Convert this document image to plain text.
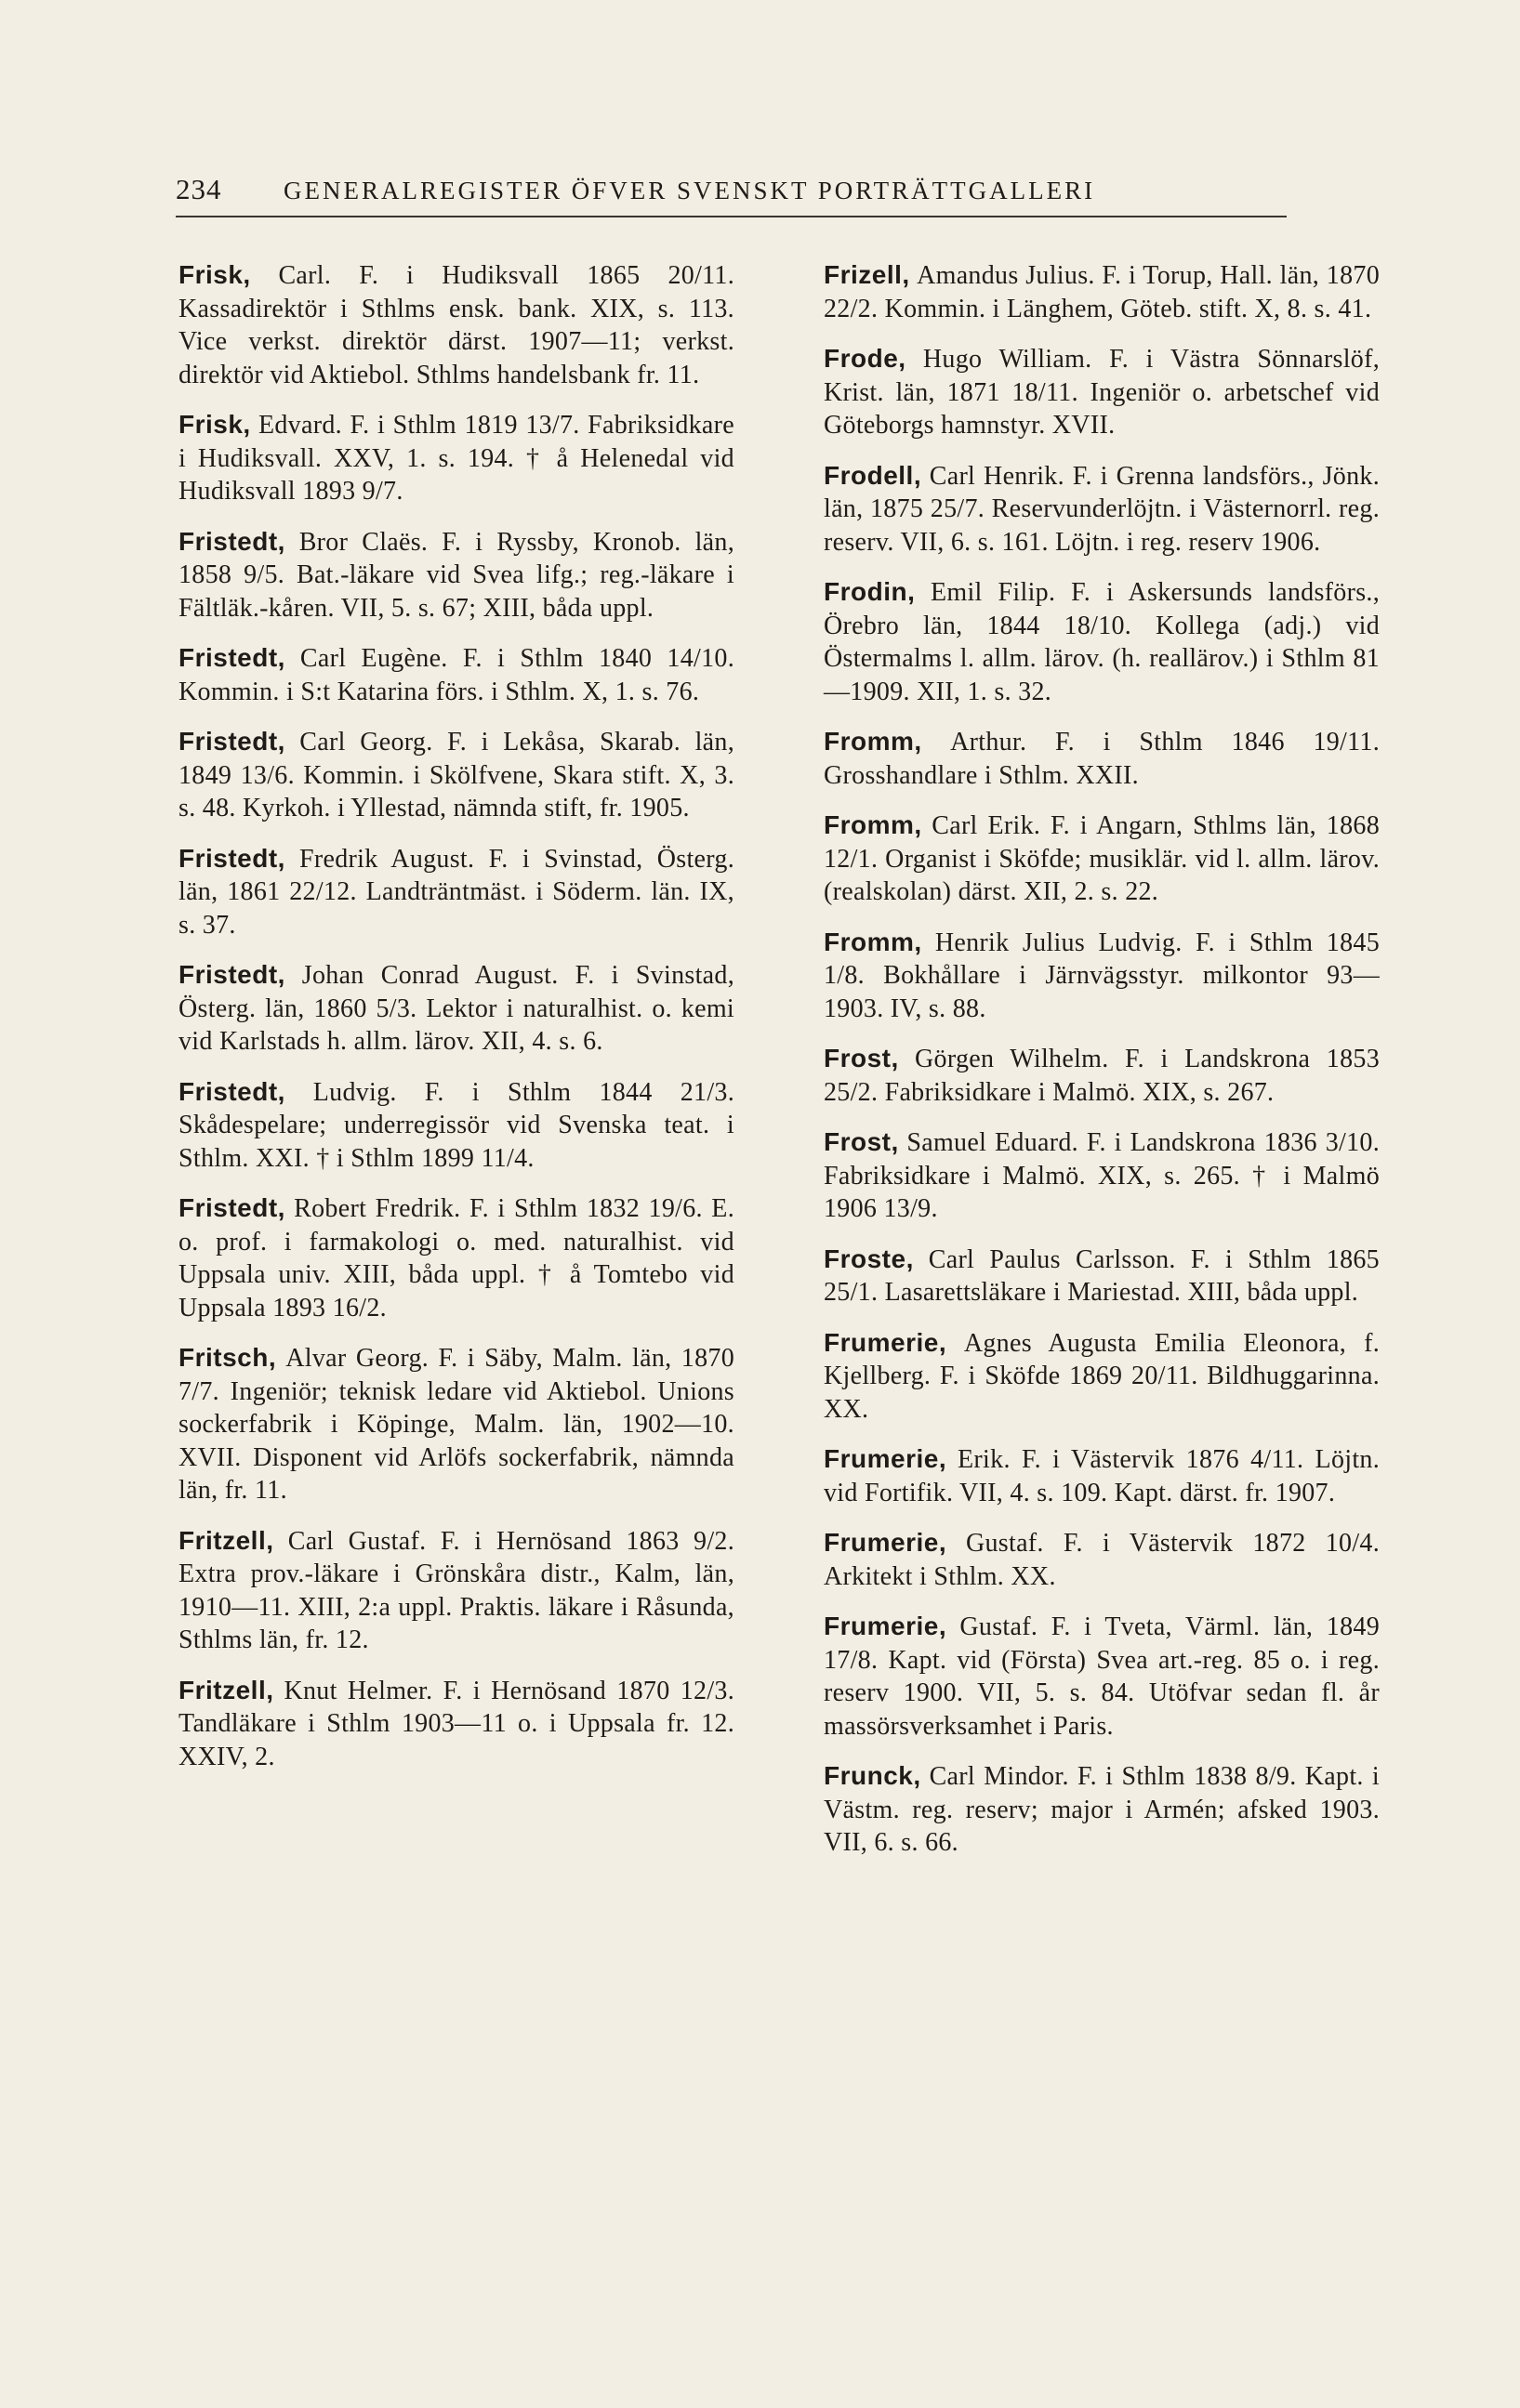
234	GENERALREGISTER ÖFVER SVENSKT PORTRÄTTGALLERI

Frisk, Carl. F. i Hudiksvall 1865 20/11. Kassadirektör i Sthlms ensk. bank. XIX, s. 113. Vice verkst. direktör därst. 1907—11; verkst. direktör vid Aktiebol. Sthlms handelsbank fr. 11.

Frisk, Edvard. F. i Sthlm 1819 13/7. Fabriksidkare i Hudiksvall. XXV, 1. s. 194. † å Helenedal vid Hudiksvall 1893 9/7.

Fristedt, Bror Claës. F. i Ryssby, Kronob. län, 1858 9/5. Bat.-läkare vid Svea lifg.; reg.-läkare i Fältläk.-kåren. VII, 5. s. 67; XIII, båda uppl.

Fristedt, Carl Eugène. F. i Sthlm 1840 14/10. Kommin. i S:t Katarina förs. i Sthlm. X, 1. s. 76.

Fristedt, Carl Georg. F. i Lekåsa, Skarab. län, 1849 13/6. Kommin. i Skölfvene, Skara stift. X, 3. s. 48. Kyrkoh. i Yllestad, nämnda stift, fr. 1905.

Fristedt, Fredrik August. F. i Svinstad, Österg. län, 1861 22/12. Landträntmäst. i Söderm. län. IX, s. 37.

Fristedt, Johan Conrad August. F. i Svinstad, Österg. län, 1860 5/3. Lektor i naturalhist. o. kemi vid Karlstads h. allm. lärov. XII, 4. s. 6.

Fristedt, Ludvig. F. i Sthlm 1844 21/3. Skådespelare; underregissör vid Svenska teat. i Sthlm. XXI. † i Sthlm 1899 11/4.

Fristedt, Robert Fredrik. F. i Sthlm 1832 19/6. E. o. prof. i farmakologi o. med. naturalhist. vid Uppsala univ. XIII, båda uppl. † å Tomtebo vid Uppsala 1893 16/2.

Fritsch, Alvar Georg. F. i Säby, Malm. län, 1870 7/7. Ingeniör; teknisk ledare vid Aktiebol. Unions sockerfabrik i Köpinge, Malm. län, 1902—10. XVII. Disponent vid Arlöfs sockerfabrik, nämnda län, fr. 11.

Fritzell, Carl Gustaf. F. i Hernösand 1863 9/2. Extra prov.-läkare i Grönskåra distr., Kalm, län, 1910—11. XIII, 2:a uppl. Praktis. läkare i Råsunda, Sthlms län, fr. 12.

Fritzell, Knut Helmer. F. i Hernösand 1870 12/3. Tandläkare i Sthlm 1903—11 o. i Uppsala fr. 12. XXIV, 2.

Frizell, Amandus Julius. F. i Torup, Hall. län, 1870 22/2. Kommin. i Länghem, Göteb. stift. X, 8. s. 41.

Frode, Hugo William. F. i Västra Sönnarslöf, Krist. län, 1871 18/11. Ingeniör o. arbetschef vid Göteborgs hamnstyr. XVII.

Frodell, Carl Henrik. F. i Grenna landsförs., Jönk. län, 1875 25/7. Reservunderlöjtn. i Västernorrl. reg. reserv. VII, 6. s. 161. Löjtn. i reg. reserv 1906.

Frodin, Emil Filip. F. i Askersunds landsförs., Örebro län, 1844 18/10. Kollega (adj.) vid Östermalms l. allm. lärov. (h. reallärov.) i Sthlm 81—1909. XII, 1. s. 32.

Fromm, Arthur. F. i Sthlm 1846 19/11. Grosshandlare i Sthlm. XXII.

Fromm, Carl Erik. F. i Angarn, Sthlms län, 1868 12/1. Organist i Sköfde; musiklär. vid l. allm. lärov. (realskolan) därst. XII, 2. s. 22.

Fromm, Henrik Julius Ludvig. F. i Sthlm 1845 1/8. Bokhållare i Järnvägsstyr. milkontor 93—1903. IV, s. 88.

Frost, Görgen Wilhelm. F. i Landskrona 1853 25/2. Fabriksidkare i Malmö. XIX, s. 267.

Frost, Samuel Eduard. F. i Landskrona 1836 3/10. Fabriksidkare i Malmö. XIX, s. 265. † i Malmö 1906 13/9.

Froste, Carl Paulus Carlsson. F. i Sthlm 1865 25/1. Lasarettsläkare i Mariestad. XIII, båda uppl.

Frumerie, Agnes Augusta Emilia Eleonora, f. Kjellberg. F. i Sköfde 1869 20/11. Bildhuggarinna. XX.

Frumerie, Erik. F. i Västervik 1876 4/11. Löjtn. vid Fortifik. VII, 4. s. 109. Kapt. därst. fr. 1907.

Frumerie, Gustaf. F. i Västervik 1872 10/4. Arkitekt i Sthlm. XX.

Frumerie, Gustaf. F. i Tveta, Värml. län, 1849 17/8. Kapt. vid (Första) Svea art.-reg. 85 o. i reg. reserv 1900. VII, 5. s. 84. Utöfvar sedan fl. år massörsverksamhet i Paris.

Frunck, Carl Mindor. F. i Sthlm 1838 8/9. Kapt. i Västm. reg. reserv; major i Armén; afsked 1903. VII, 6. s. 66.
